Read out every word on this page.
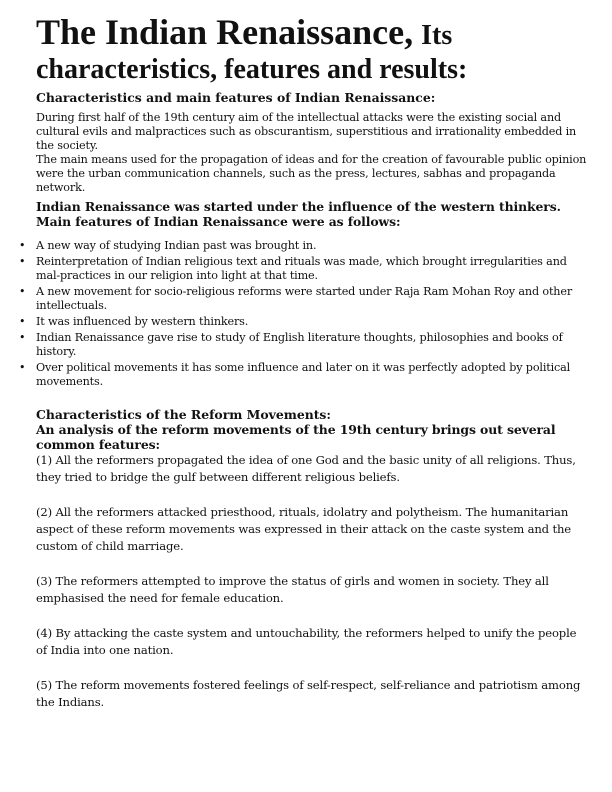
The Indian Renaissance, Its
characteristics, features and results:

Characteristics and main features of Indian Renaissance:

During first half of the 19th century aim of the intellectual attacks were the existing social and cultural evils and malpractices such as obscurantism, superstitious and irrationality embedded in the society.

The main means used for the propagation of ideas and for the creation of favourable public opinion were the urban communication channels, such as the press, lectures, sabhas and propaganda network.

Indian Renaissance was started under the influence of the western thinkers.
Main features of Indian Renaissance were as follows:
• A new way of studying Indian past was brought in.
• Reinterpretation of Indian religious text and rituals was made, which brought irregularities and mal-practices in our religion into light at that time.
• A new movement for socio-religious reforms were started under Raja Ram Mohan Roy and other intellectuals.
• It was influenced by western thinkers.
• Indian Renaissance gave rise to study of English literature thoughts, philosophies and books of history.
• Over political movements it has some influence and later on it was perfectly adopted by political movements.

Characteristics of the Reform Movements:

An analysis of the reform movements of the 19th century brings out several common features:

(1) All the reformers propagated the idea of one God and the basic unity of all religions. Thus, they tried to bridge the gulf between different religious beliefs.

(2) All the reformers attacked priesthood, rituals, idolatry and polytheism. The humanitarian aspect of these reform movements was expressed in their attack on the caste system and the custom of child marriage.

(3) The reformers attempted to improve the status of girls and women in society. They all emphasised the need for female education.

(4) By attacking the caste system and untouchability, the reformers helped to unify the people of India into one nation.

(5) The reform movements fostered feelings of self-respect, self-reliance and patriotism among the Indians.
